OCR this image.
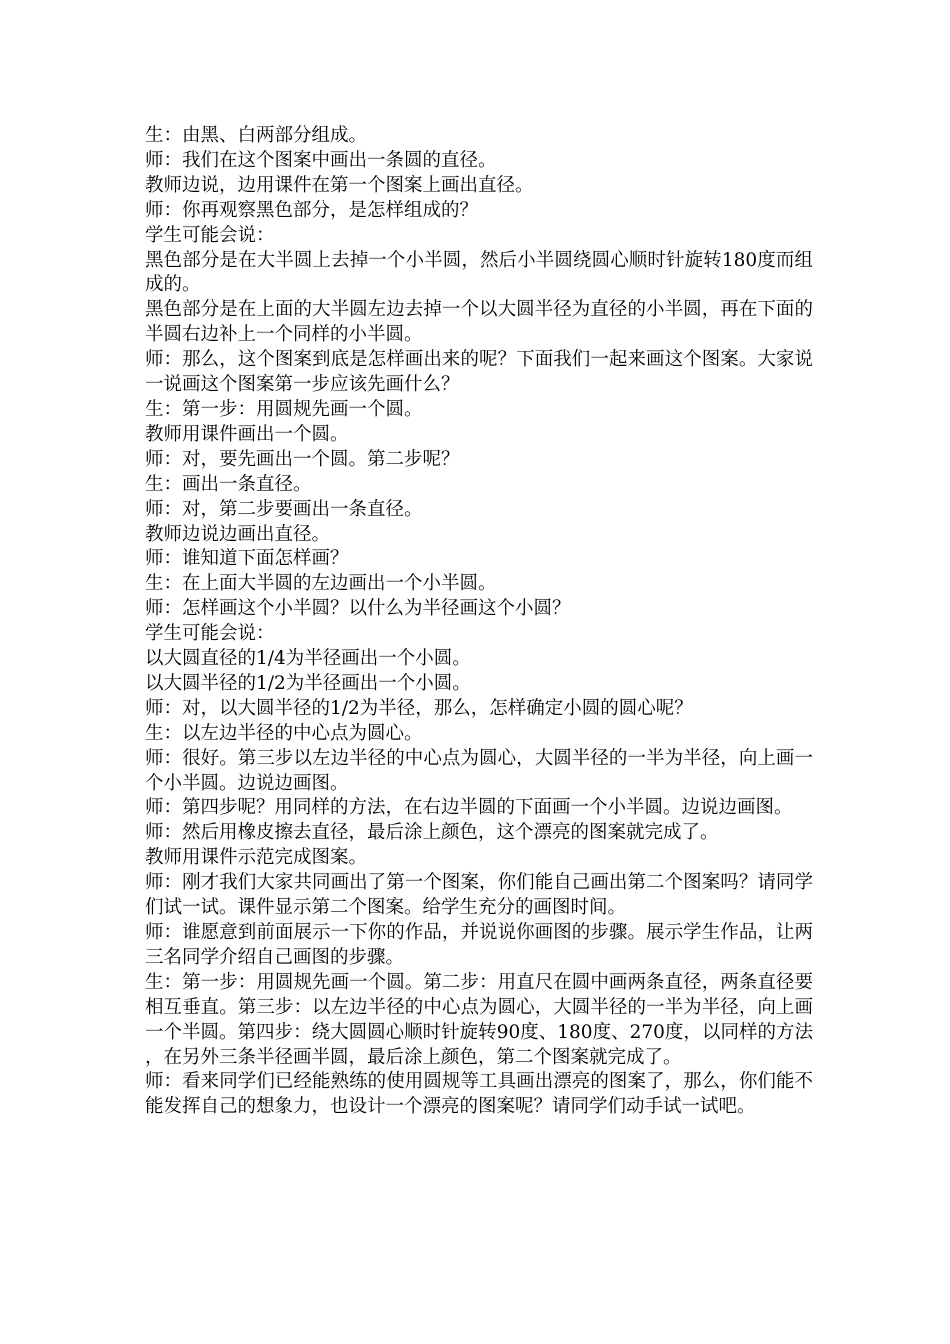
生：由黑、白两部分组成。

师：我们在这个图案中画出一条圆的直径。

教师边说，边用课件在第一个图案上画出直径。

师：你再观察黑色部分，是怎样组成的？

学生可能会说：

黑色部分是在大半圆上去掉一个小半圆，然后小半圆绕圆心顺时针旋转180度而组成的。

黑色部分是在上面的大半圆左边去掉一个以大圆半径为直径的小半圆，再在下面的半圆右边补上一个同样的小半圆。

师：那么，这个图案到底是怎样画出来的呢？下面我们一起来画这个图案。大家说一说画这个图案第一步应该先画什么？

生：第一步：用圆规先画一个圆。

教师用课件画出一个圆。

师：对，要先画出一个圆。第二步呢？

生：画出一条直径。

师：对，第二步要画出一条直径。

教师边说边画出直径。

师：谁知道下面怎样画？

生：在上面大半圆的左边画出一个小半圆。

师：怎样画这个小半圆？以什么为半径画这个小圆？

学生可能会说：

以大圆直径的1/4为半径画出一个小圆。

以大圆半径的1/2为半径画出一个小圆。

师：对，以大圆半径的1/2为半径，那么，怎样确定小圆的圆心呢？

生：以左边半径的中心点为圆心。

师：很好。第三步以左边半径的中心点为圆心，大圆半径的一半为半径，向上画一个小半圆。边说边画图。

师：第四步呢？用同样的方法，在右边半圆的下面画一个小半圆。边说边画图。

师：然后用橡皮擦去直径，最后涂上颜色，这个漂亮的图案就完成了。

教师用课件示范完成图案。

师：刚才我们大家共同画出了第一个图案，你们能自己画出第二个图案吗？请同学们试一试。课件显示第二个图案。给学生充分的画图时间。

师：谁愿意到前面展示一下你的作品，并说说你画图的步骤。展示学生作品，让两三名同学介绍自己画图的步骤。

生：第一步：用圆规先画一个圆。第二步：用直尺在圆中画两条直径，两条直径要相互垂直。第三步：以左边半径的中心点为圆心，大圆半径的一半为半径，向上画一个半圆。第四步：绕大圆圆心顺时针旋转90度、180度、270度，以同样的方法，在另外三条半径画半圆，最后涂上颜色，第二个图案就完成了。

师：看来同学们已经能熟练的使用圆规等工具画出漂亮的图案了，那么，你们能不能发挥自己的想象力，也设计一个漂亮的图案呢？请同学们动手试一试吧。
